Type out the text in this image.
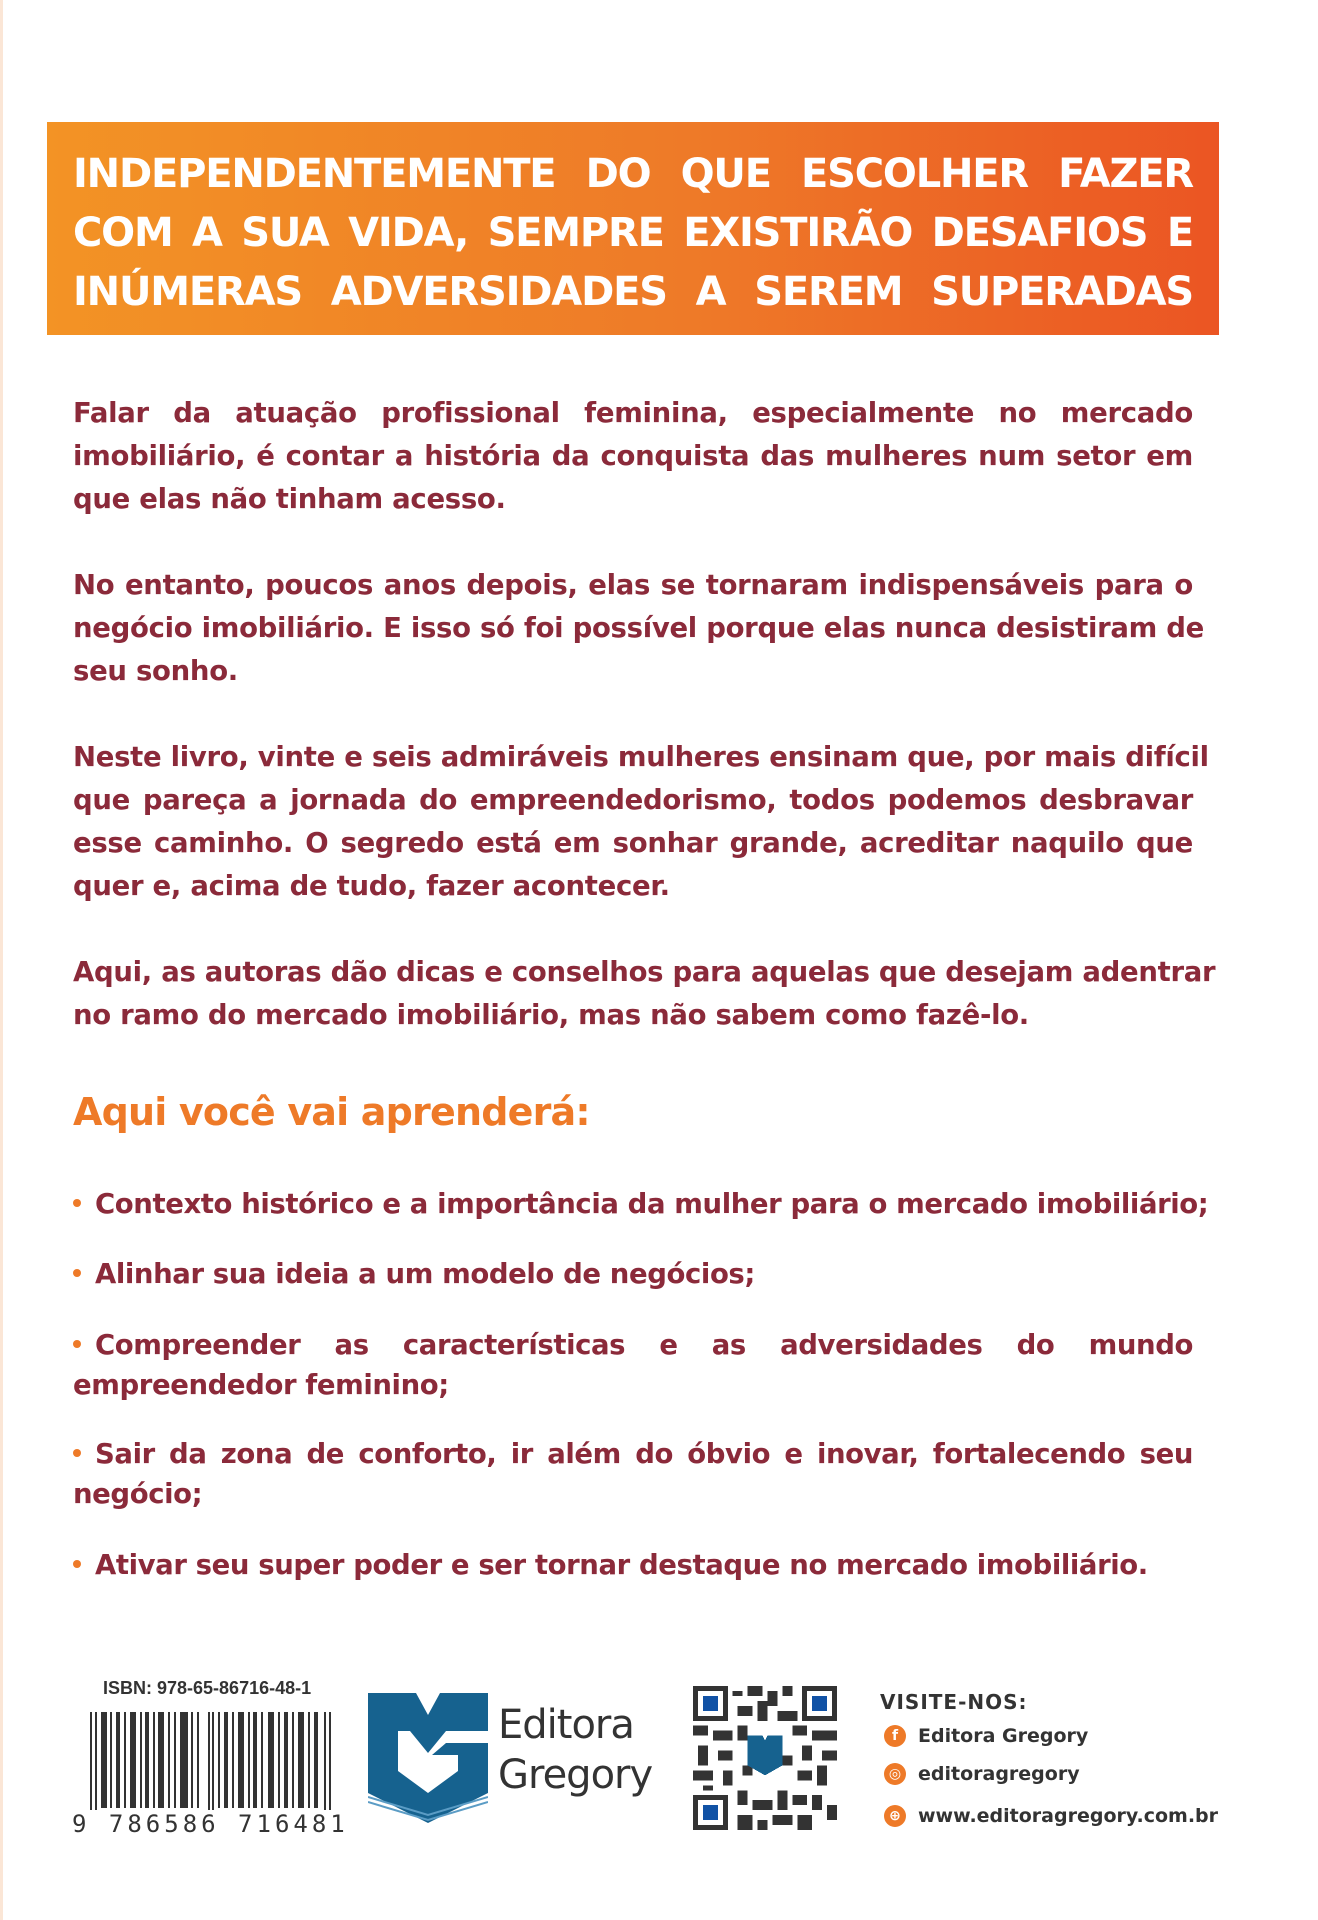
INDEPENDENTEMENTE DO QUE ESCOLHER FAZER
COM A SUA VIDA, SEMPRE EXISTIRÃO DESAFIOS E
INÚMERAS ADVERSIDADES A SEREM SUPERADAS
Falar da atuação profissional feminina, especialmente no mercado
imobiliário, é contar a história da conquista das mulheres num setor em
que elas não tinham acesso.
No entanto, poucos anos depois, elas se tornaram indispensáveis para o
negócio imobiliário. E isso só foi possível porque elas nunca desistiram de
seu sonho.
Neste livro, vinte e seis admiráveis mulheres ensinam que, por mais difícil
que pareça a jornada do empreendedorismo, todos podemos desbravar
esse caminho. O segredo está em sonhar grande, acreditar naquilo que
quer e, acima de tudo, fazer acontecer.
Aqui, as autoras dão dicas e conselhos para aquelas que desejam adentrar
no ramo do mercado imobiliário, mas não sabem como fazê-lo.
Aqui você vai aprenderá:
Contexto histórico e a importância da mulher para o mercado imobiliário;
Alinhar sua ideia a um modelo de negócios;
Compreender as características e as adversidades do mundo
empreendedor feminino;
Sair da zona de conforto, ir além do óbvio e inovar, fortalecendo seu
negócio;
Ativar seu super poder e ser tornar destaque no mercado imobiliário.
ISBN: 978-65-86716-48-1
9 786586 716481
Editora
Gregory
VISITE-NOS:
f	Editora Gregory
◎ editoragregory
⊕ www.editoragregory.com.br
